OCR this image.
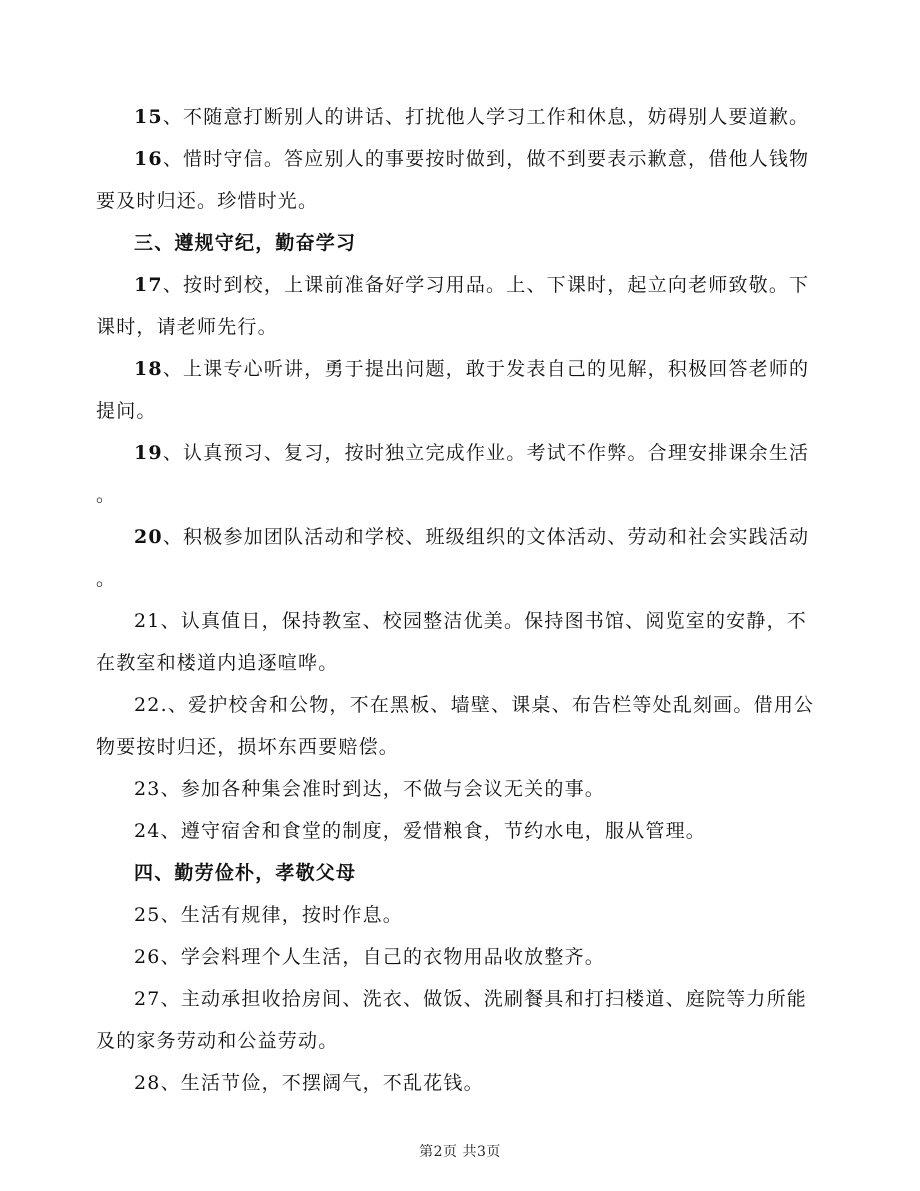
15、不随意打断别人的讲话、打扰他人学习工作和休息，妨碍别人要道歉。
16、惜时守信。答应别人的事要按时做到，做不到要表示歉意，借他人钱物
要及时归还。珍惜时光。
三、遵规守纪，勤奋学习
17、按时到校，上课前准备好学习用品。上、下课时，起立向老师致敬。下
课时，请老师先行。
18、上课专心听讲，勇于提出问题，敢于发表自己的见解，积极回答老师的
提问。
19、认真预习、复习，按时独立完成作业。考试不作弊。合理安排课余生活
。
20、积极参加团队活动和学校、班级组织的文体活动、劳动和社会实践活动
。
21、认真值日，保持教室、校园整洁优美。保持图书馆、阅览室的安静，不
在教室和楼道内追逐喧哗。
22.、爱护校舍和公物，不在黑板、墙壁、课桌、布告栏等处乱刻画。借用公
物要按时归还，损坏东西要赔偿。
23、参加各种集会准时到达，不做与会议无关的事。
24、遵守宿舍和食堂的制度，爱惜粮食，节约水电，服从管理。
四、勤劳俭朴，孝敬父母
25、生活有规律，按时作息。
26、学会料理个人生活，自己的衣物用品收放整齐。
27、主动承担收拾房间、洗衣、做饭、洗刷餐具和打扫楼道、庭院等力所能
及的家务劳动和公益劳动。
28、生活节俭，不摆阔气，不乱花钱。
第2页 共3页
